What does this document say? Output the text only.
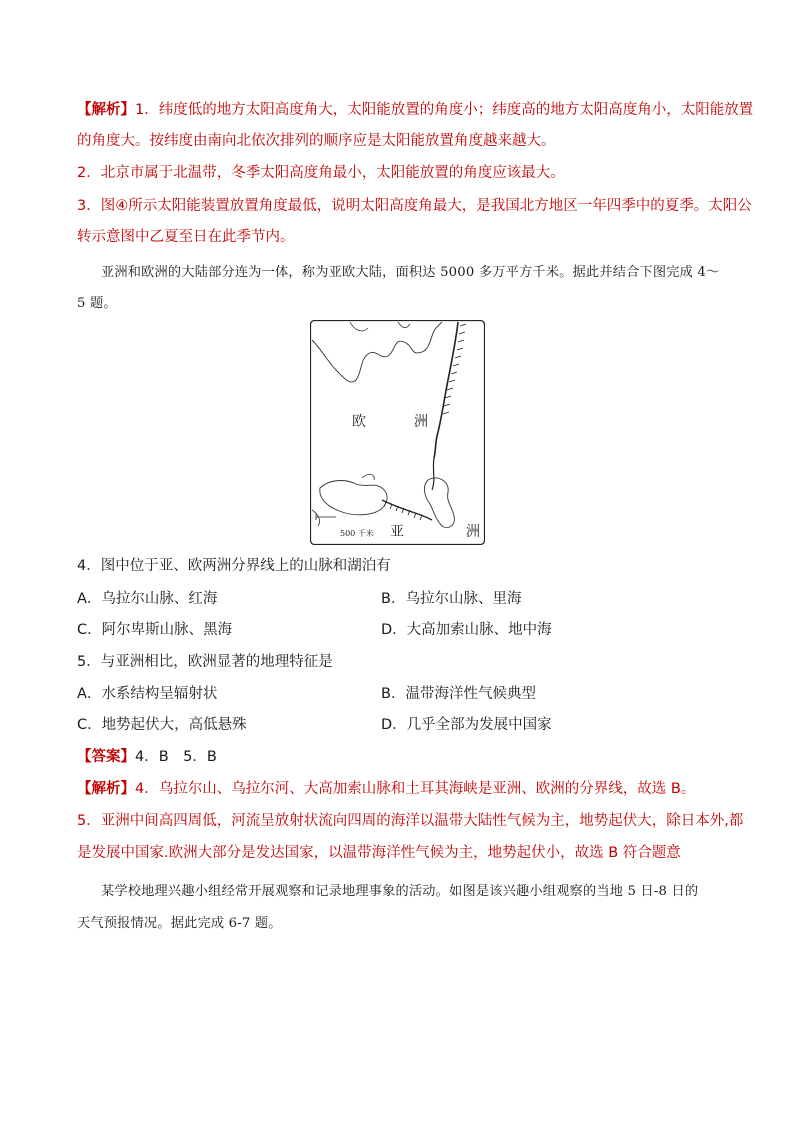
【解析】1．纬度低的地方太阳高度角大，太阳能放置的角度小；纬度高的地方太阳高度角小，太阳能放置
的角度大。按纬度由南向北依次排列的顺序应是太阳能放置角度越来越大。
2．北京市属于北温带，冬季太阳高度角最小，太阳能放置的角度应该最大。
3．图④所示太阳能装置放置角度最低，说明太阳高度角最大，是我国北方地区一年四季中的夏季。太阳公
转示意图中乙夏至日在此季节内。
亚洲和欧洲的大陆部分连为一体，称为亚欧大陆，面积达 5000 多万平方千米。据此并结合下图完成 4～
5 题。
500 千米
欧	洲
亚	洲
4．图中位于亚、欧两洲分界线上的山脉和湖泊有
A．乌拉尔山脉、红海	B．乌拉尔山脉、里海
C．阿尔卑斯山脉、黑海	D．大高加索山脉、地中海
5．与亚洲相比，欧洲显著的地理特征是
A．水系结构呈辐射状	B．温带海洋性气候典型
C．地势起伏大，高低悬殊	D．几乎全部为发展中国家
【答案】4．B　5．B
【解析】4．乌拉尔山、乌拉尔河、大高加索山脉和土耳其海峡是亚洲、欧洲的分界线，故选 B。
5．亚洲中间高四周低，河流呈放射状流向四周的海洋以温带大陆性气候为主，地势起伏大，除日本外,都
是发展中国家.欧洲大部分是发达国家，以温带海洋性气候为主，地势起伏小，故选 B 符合题意
某学校地理兴趣小组经常开展观察和记录地理事象的活动。如图是该兴趣小组观察的当地 5 日-8 日的
天气预报情况。据此完成 6-7 题。
